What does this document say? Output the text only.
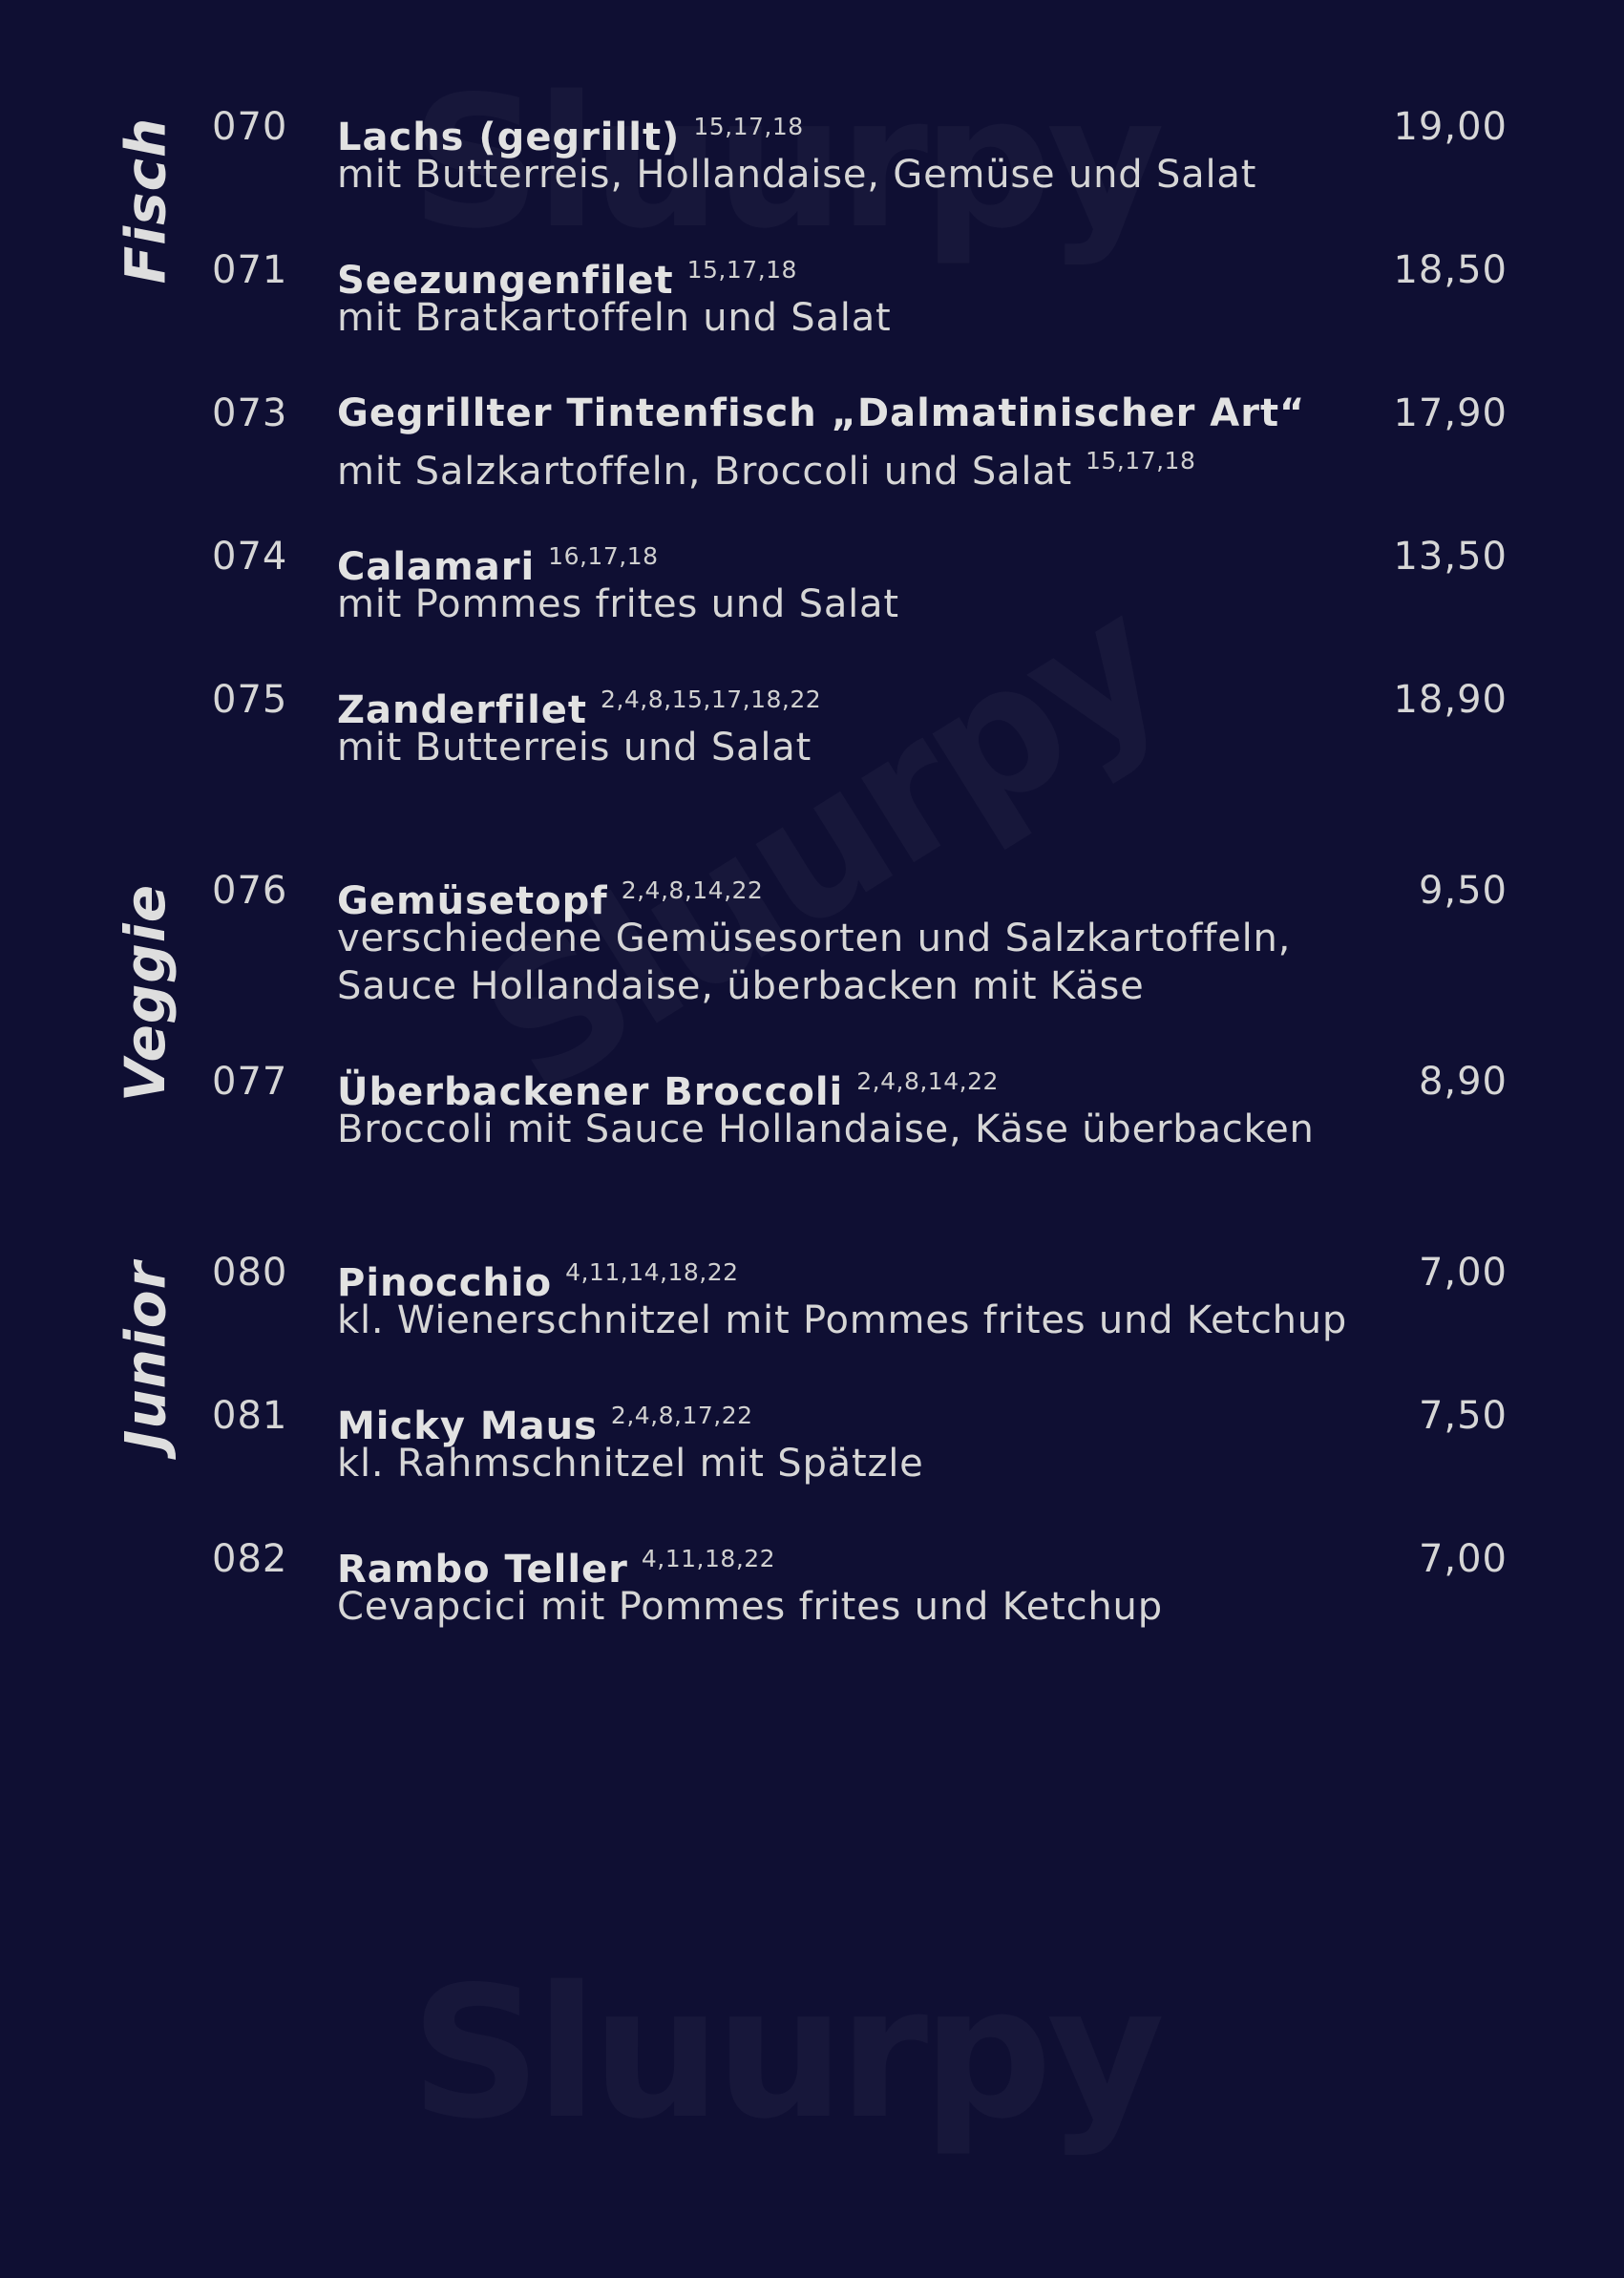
Fisch 070 Lachs (gegrillt) 15,17,18
mit Butterreis, Hollandaise, Gemüse und Salat
19,00
071 Seezungenfilet 15,17,18
mit Bratkartoffeln und Salat
18,50
073 Gegrillter Tintenfisch „Dalmatinischer Art“
mit Salzkartoffeln, Broccoli und Salat $^{15,17,18}$
17,90
074 Calamari 16,17,18
mit Pommes frites und Salat
13,50
075 Zanderfilet 2,4,8,15,17,18,22
mit Butterreis und Salat
18,90
Veggie 076 Gemüsetopf 2,4,8,14,22
verschiedene Gemüsesorten und Salzkartoffeln,
Sauce Hollandaise, überbacken mit Käse
9,50
077 Überbackener Broccoli 2,4,8,14,22
Broccoli mit Sauce Hollandaise, Käse überbacken
8,90
Junior 080 Pinocchio 4,11,14,18,22
kl. Wienerschnitzel mit Pommes frites und Ketchup
7,00
081 Micky Maus 2,4,8,17,22
kl. Rahmschnitzel mit Spätzle
7,50
082 Rambo Teller 4,11,18,22
Cevapcici mit Pommes frites und Ketchup
7,00
